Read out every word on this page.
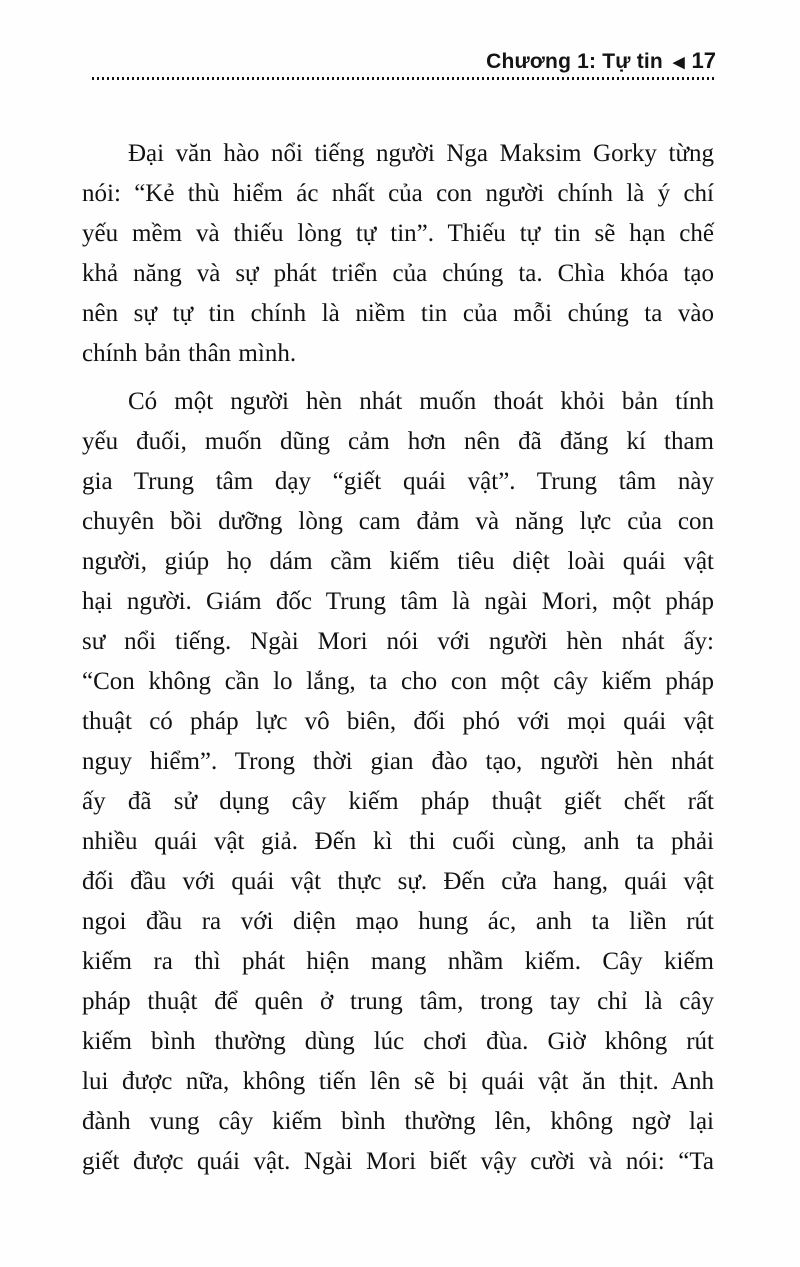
Chương 1: Tự tin ◀ 17
Đại văn hào nổi tiếng người Nga Maksim Gorky từng
nói: “Kẻ thù hiểm ác nhất của con người chính là ý chí
yếu mềm và thiếu lòng tự tin”. Thiếu tự tin sẽ hạn chế
khả năng và sự phát triển của chúng ta. Chìa khóa tạo
nên sự tự tin chính là niềm tin của mỗi chúng ta vào
chính bản thân mình.
Có một người hèn nhát muốn thoát khỏi bản tính
yếu đuối, muốn dũng cảm hơn nên đã đăng kí tham
gia Trung tâm dạy “giết quái vật”. Trung tâm này
chuyên bồi dưỡng lòng cam đảm và năng lực của con
người, giúp họ dám cầm kiếm tiêu diệt loài quái vật
hại người. Giám đốc Trung tâm là ngài Mori, một pháp
sư nổi tiếng. Ngài Mori nói với người hèn nhát ấy:
“Con không cần lo lắng, ta cho con một cây kiếm pháp
thuật có pháp lực vô biên, đối phó với mọi quái vật
nguy hiểm”. Trong thời gian đào tạo, người hèn nhát
ấy đã sử dụng cây kiếm pháp thuật giết chết rất
nhiều quái vật giả. Đến kì thi cuối cùng, anh ta phải
đối đầu với quái vật thực sự. Đến cửa hang, quái vật
ngoi đầu ra với diện mạo hung ác, anh ta liền rút
kiếm ra thì phát hiện mang nhầm kiếm. Cây kiếm
pháp thuật để quên ở trung tâm, trong tay chỉ là cây
kiếm bình thường dùng lúc chơi đùa. Giờ không rút
lui được nữa, không tiến lên sẽ bị quái vật ăn thịt. Anh
đành vung cây kiếm bình thường lên, không ngờ lại
giết được quái vật. Ngài Mori biết vậy cười và nói: “Ta
